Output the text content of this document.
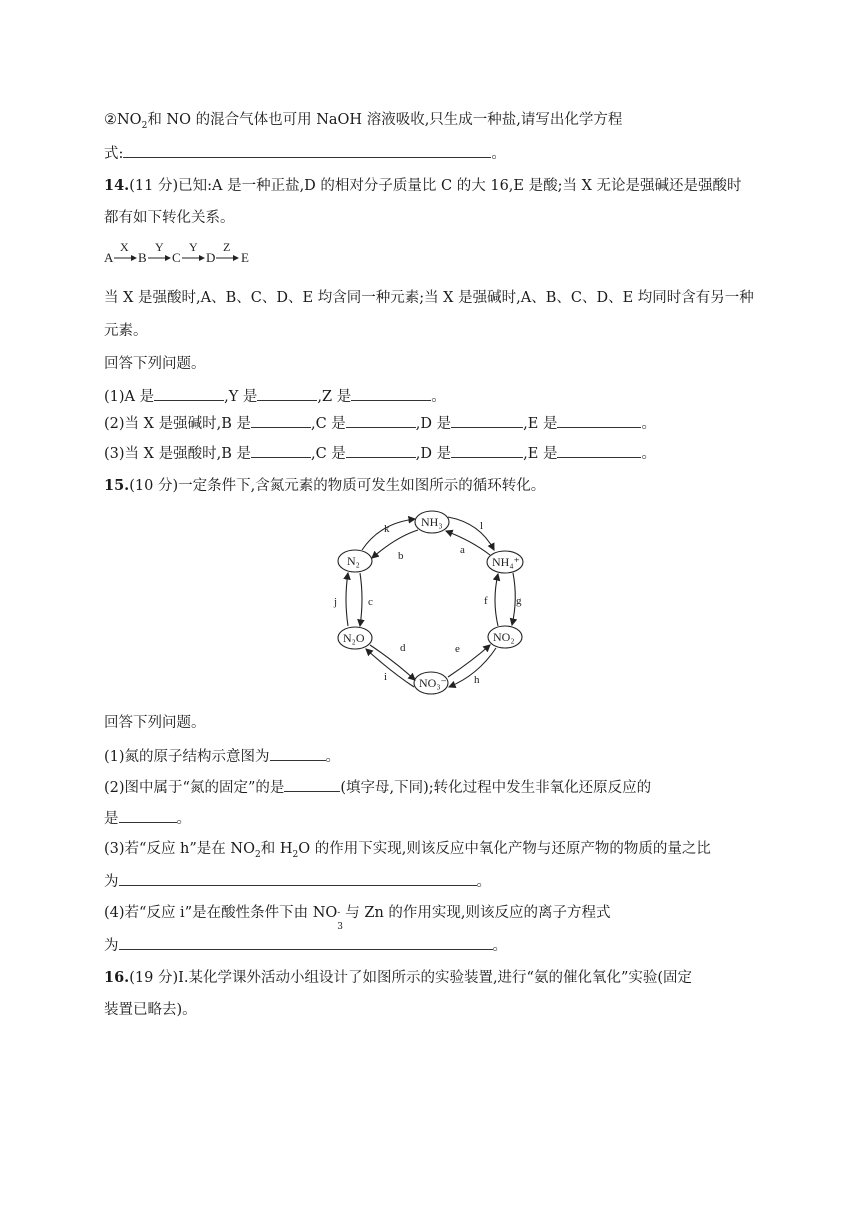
$②NO_2$和 NO 的混合气体也可用 NaOH 溶液吸收,只生成一种盐,请写出化学方程
式:	。
14.(11 分)已知:A 是一种正盐,D 的相对分子质量比 C 的大 16,E 是酸;当 X 无论是强碱还是强酸时
都有如下转化关系。
A
X
B
Y
C
Y
D
Z
E
当 X 是强酸时,A、B、C、D、E 均含同一种元素;当 X 是强碱时,A、B、C、D、E 均同时含有另一种
元素。
回答下列问题。
(1)A 是	,Y 是	,Z 是	。
(2)当 X 是强碱时,B 是	,C 是	,D 是	,E 是	。
(3)当 X 是强酸时,B 是	,C 是	,D 是	,E 是	。
15.(10 分)一定条件下,含氮元素的物质可发生如图所示的循环转化。
NH₃
NH₄⁺
NO₂
NO₃⁻
N₂O
N₂
k	l
b	a
j	c	f	g
d	e
i	h
回答下列问题。
(1)氮的原子结构示意图为	。
(2)图中属于“氮的固定”的是	(填字母,下同);转化过程中发生非氧化还原反应的
是	。
(3)若“反应 h”是在 $NO_2$和 $H_2O$ 的作用下实现,则该反应中氧化产物与还原产物的物质的量之比
为	。
(4)若“反应 i”是在酸性条件下由 NO -
3
与 Zn 的作用实现,则该反应的离子方程式
为	。
16.(19 分)Ⅰ.某化学课外活动小组设计了如图所示的实验装置,进行“氨的催化氧化”实验(固定
装置已略去)。
